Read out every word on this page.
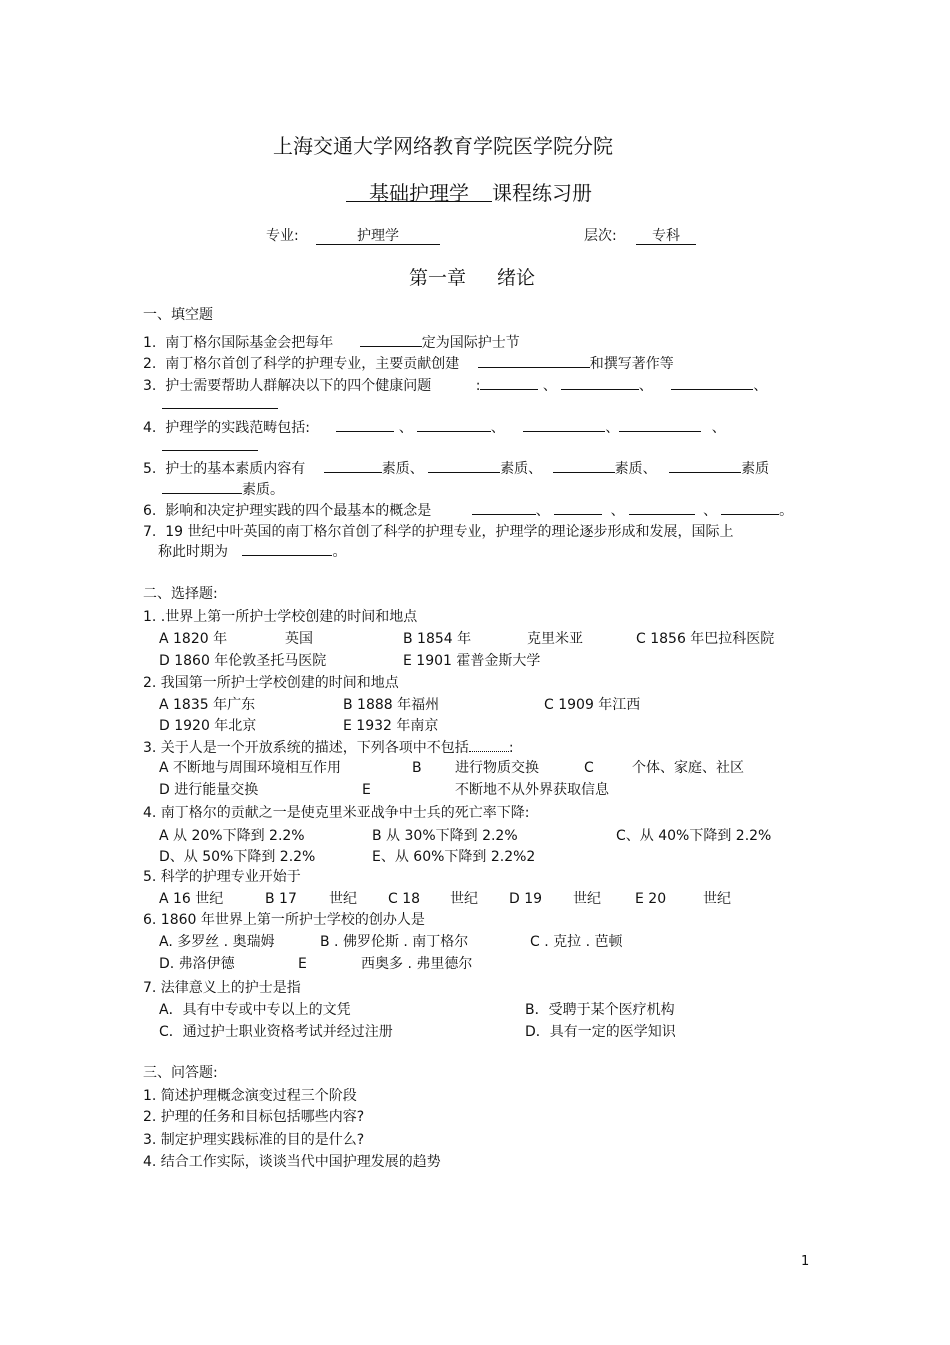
上海交通大学网络教育学院医学院分院
基础护理学 课程练习册
专业:	护理学	层次:	专科
第一章 绪论
一、填空题
1. 南丁格尔国际基金会把每年	定为国际护士节
2. 南丁格尔首创了科学的护理专业，主要贡献创建	和撰写著作等
3. 护士需要帮助人群解决以下的四个健康问题	:	、	、	、
4. 护理学的实践范畴包括:	、	、	、	、
5. 护士的基本素质内容有	素质、	素质、	素质、	素质
素质。
6. 影响和决定护理实践的四个最基本的概念是	、	、	、	。
7. 19 世纪中叶英国的南丁格尔首创了科学的护理专业，护理学的理论逐步形成和发展，国际上
称此时期为	。
二、选择题:
1. .世界上第一所护士学校创建的时间和地点
A 1820 年	英国	B 1854 年	克里米亚	C 1856 年巴拉科医院
D 1860 年伦敦圣托马医院	E 1901 霍普金斯大学
2. 我国第一所护士学校创建的时间和地点
A 1835 年广东	B 1888 年福州	C 1909 年江西
D 1920 年北京	E 1932 年南京
3. 关于人是一个开放系统的描述，下列各项中不包括	:
A 不断地与周围环境相互作用	B 进行物质交换	C	个体、家庭、社区
D 进行能量交换	E	不断地不从外界获取信息
4. 南丁格尔的贡献之一是使克里米亚战争中士兵的死亡率下降:
A 从 20%下降到 2.2%	B 从 30%下降到 2.2%	C、从 40%下降到 2.2%
D、从 50%下降到 2.2%	E、从 60%下降到 2.2%2
5. 科学的护理专业开始于
A 16 世纪	B 17 世纪 C 18 世纪 D 19 世纪 E 20	世纪
6. 1860 年世界上第一所护士学校的创办人是
A. 多罗丝 . 奥瑞姆	B . 佛罗伦斯 . 南丁格尔	C . 克拉 . 芭顿
D. 弗洛伊德	E	西奥多 . 弗里德尔
7. 法律意义上的护士是指
A．具有中专或中专以上的文凭	B．受聘于某个医疗机构
C．通过护士职业资格考试并经过注册	D．具有一定的医学知识
三、问答题:
1. 简述护理概念演变过程三个阶段
2. 护理的任务和目标包括哪些内容?
3. 制定护理实践标准的目的是什么?
4. 结合工作实际，谈谈当代中国护理发展的趋势
1
